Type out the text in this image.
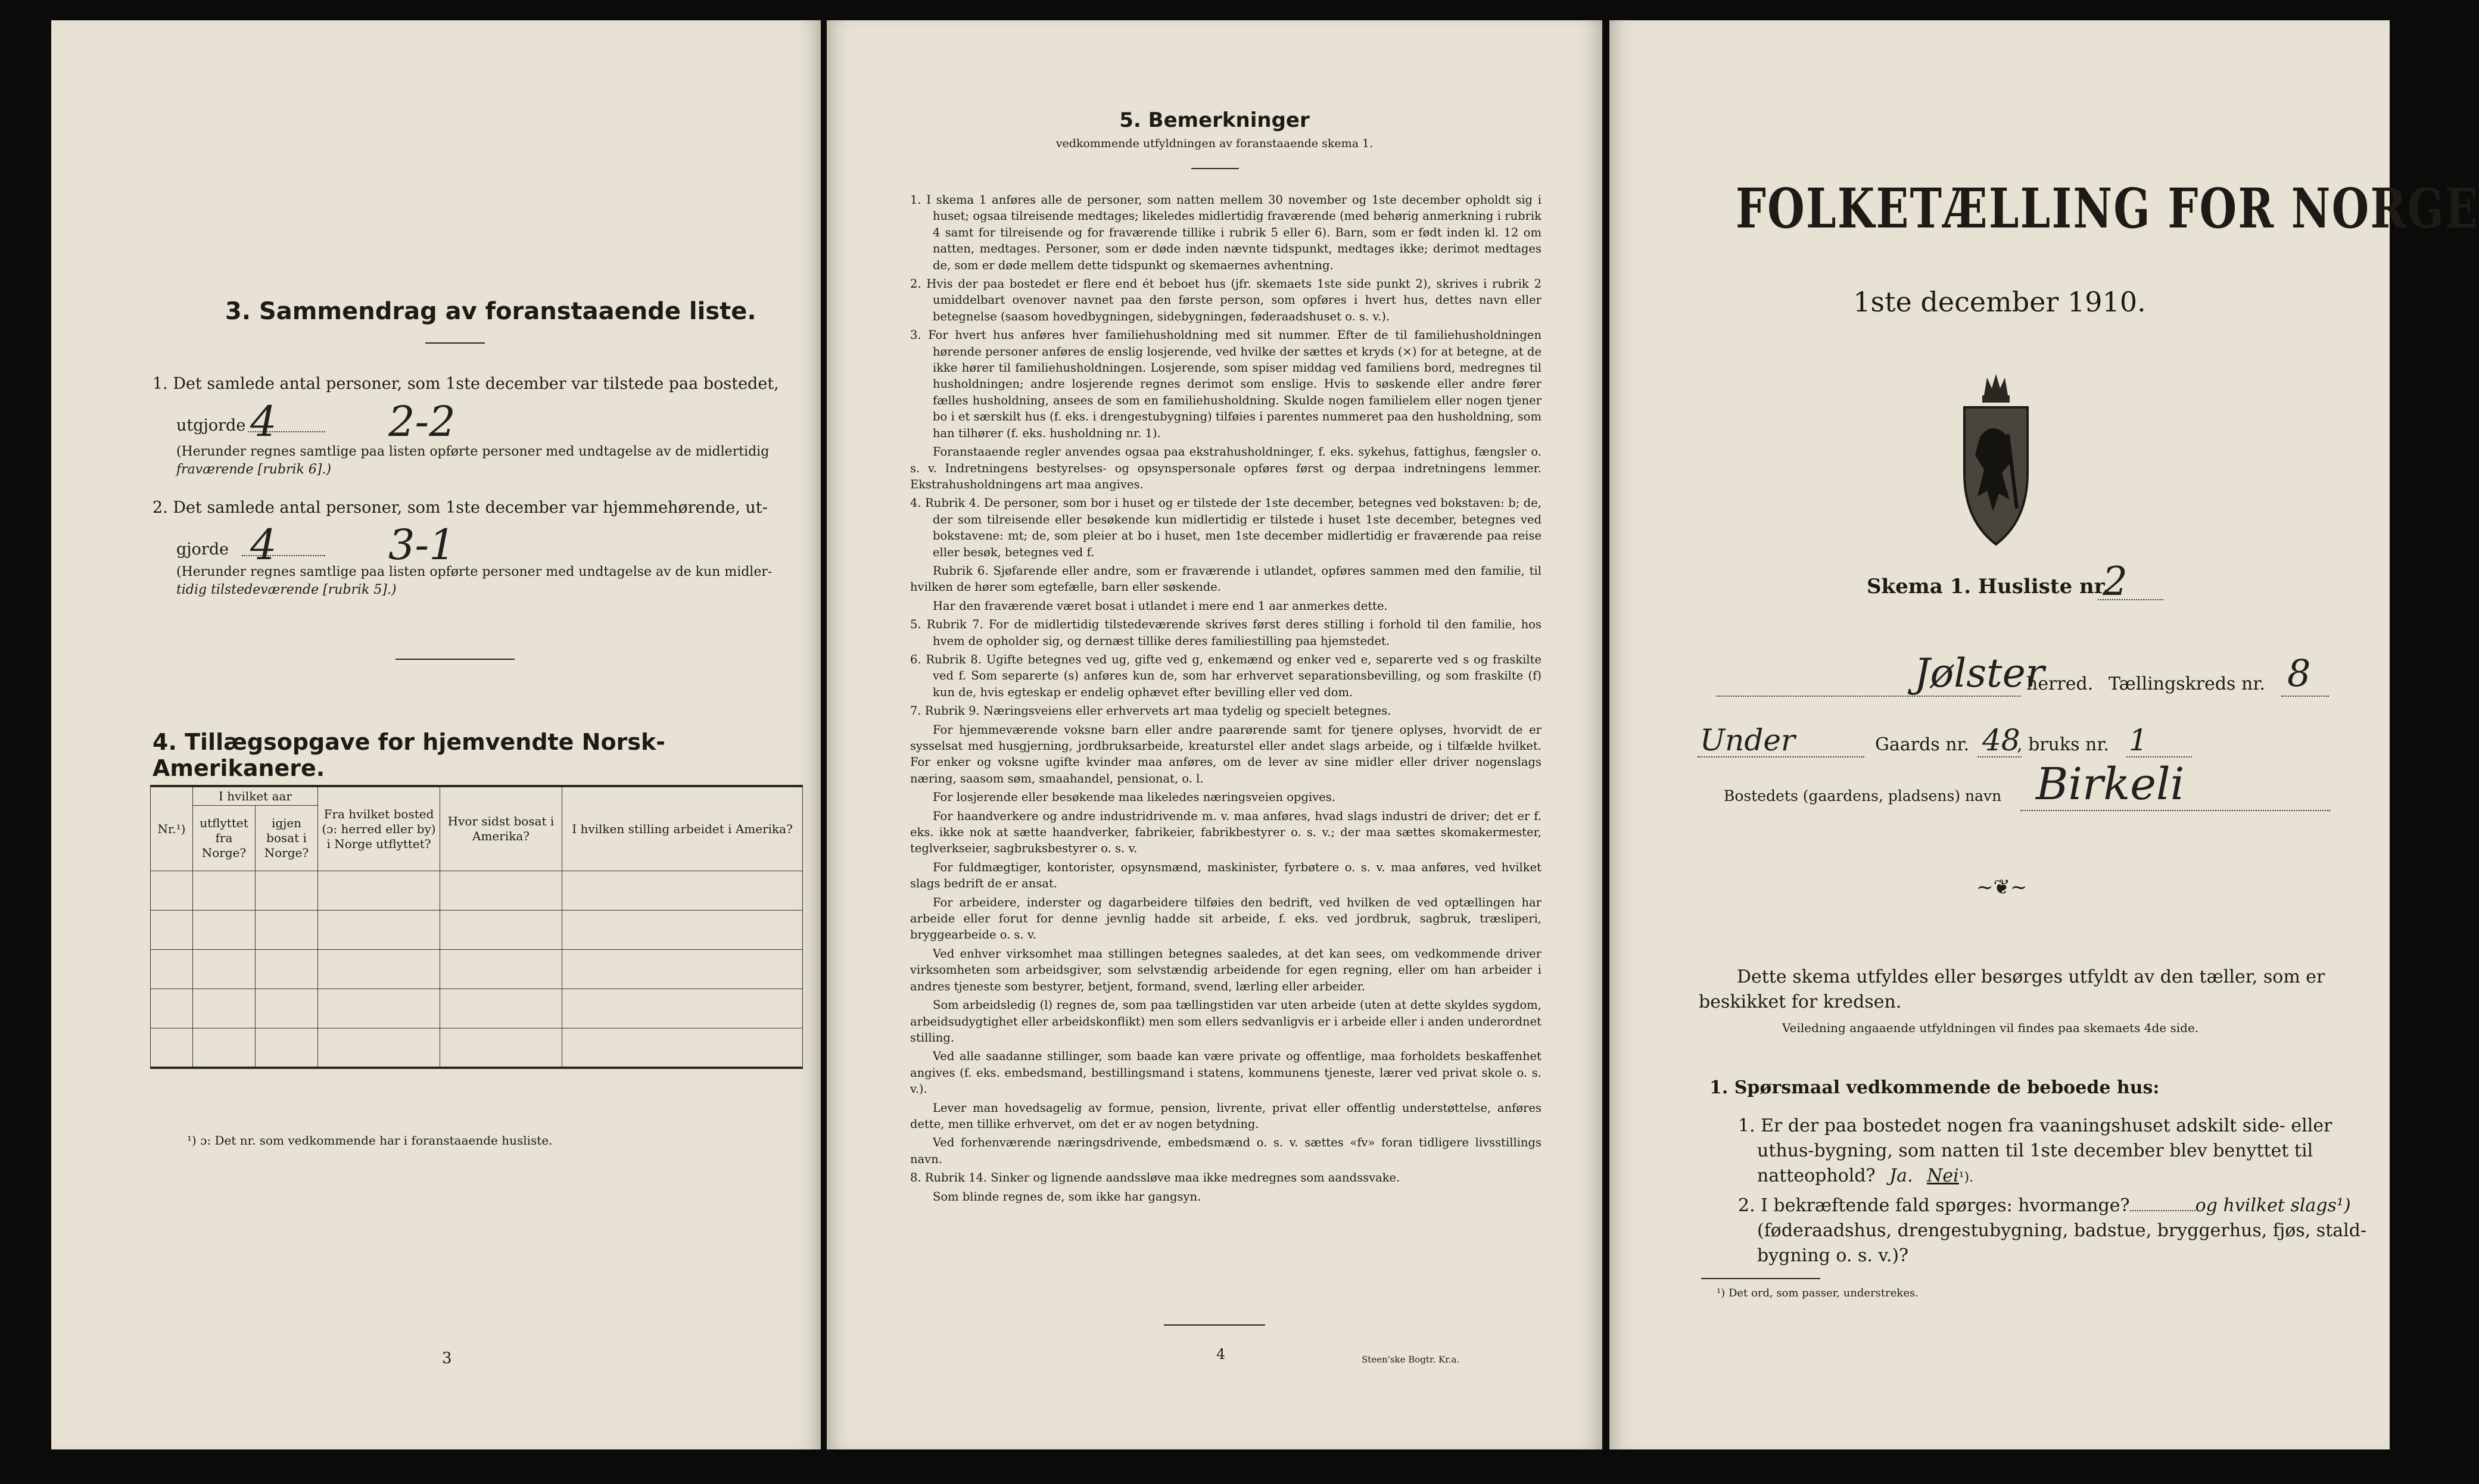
3. Sammendrag av foranstaaende liste.
1. Det samlede antal personer, som 1ste december var tilstede paa bostedet,
utgjorde 4	2-2
(Herunder regnes samtlige paa listen opførte personer med undtagelse av de midlertidig
fraværende [rubrik 6].)
2. Det samlede antal personer, som 1ste december var hjemmehørende, ut-
gjorde 4	3-1
(Herunder regnes samtlige paa listen opførte personer med undtagelse av de kun midler-
tidig tilstedeværende [rubrik 5].)
4. Tillægsopgave for hjemvendte Norsk-Amerikanere.
Nr.¹)	I hvilket aar		Fra hvilket bosted (ɔ: herred eller by) i Norge utflyttet?	Hvor sidst bosat i Amerika?	I hvilken stilling arbeidet i Amerika?
	utflyttet fra Norge?	igjen bosat i Norge?			

¹) ɔ: Det nr. som vedkommende har i foranstaaende husliste.
3
5. Bemerkninger
vedkommende utfyldningen av foranstaaende skema 1.

1. I skema 1 anføres alle de personer, som natten mellem 30 november og 1ste december opholdt sig i huset; ogsaa tilreisende medtages; likeledes midlertidig fraværende (med behørig anmerkning i rubrik 4 samt for tilreisende og for fraværende tillike i rubrik 5 eller 6). Barn, som er født inden kl. 12 om natten, medtages. Personer, som er døde inden nævnte tidspunkt, medtages ikke; derimot medtages de, som er døde mellem dette tidspunkt og skemaernes avhentning.

2. Hvis der paa bostedet er flere end ét beboet hus (jfr. skemaets 1ste side punkt 2), skrives i rubrik 2 umiddelbart ovenover navnet paa den første person, som opføres i hvert hus, dettes navn eller betegnelse (saasom hovedbygningen, sidebygningen, føderaadshuset o. s. v.).

3. For hvert hus anføres hver familiehusholdning med sit nummer. Efter de til familiehusholdningen hørende personer anføres de enslig losjerende, ved hvilke der sættes et kryds (×) for at betegne, at de ikke hører til familiehusholdningen. Losjerende, som spiser middag ved familiens bord, medregnes til husholdningen; andre losjerende regnes derimot som enslige. Hvis to søskende eller andre fører fælles husholdning, ansees de som en familiehusholdning. Skulde nogen familielem eller nogen tjener bo i et særskilt hus (f. eks. i drengestubygning) tilføies i parentes nummeret paa den husholdning, som han tilhører (f. eks. husholdning nr. 1).

Foranstaaende regler anvendes ogsaa paa ekstrahusholdninger, f. eks. sykehus, fattighus, fængsler o. s. v. Indretningens bestyrelses- og opsynspersonale opføres først og derpaa indretningens lemmer. Ekstrahusholdningens art maa angives.

4. Rubrik 4. De personer, som bor i huset og er tilstede der 1ste december, betegnes ved bokstaven: b; de, der som tilreisende eller besøkende kun midlertidig er tilstede i huset 1ste december, betegnes ved bokstavene: mt; de, som pleier at bo i huset, men 1ste december midlertidig er fraværende paa reise eller besøk, betegnes ved f.

Rubrik 6. Sjøfarende eller andre, som er fraværende i utlandet, opføres sammen med den familie, til hvilken de hører som egtefælle, barn eller søskende.

Har den fraværende været bosat i utlandet i mere end 1 aar anmerkes dette.

5. Rubrik 7. For de midlertidig tilstedeværende skrives først deres stilling i forhold til den familie, hos hvem de opholder sig, og dernæst tillike deres familiestilling paa hjemstedet.

6. Rubrik 8. Ugifte betegnes ved ug, gifte ved g, enkemænd og enker ved e, separerte ved s og fraskilte ved f. Som separerte (s) anføres kun de, som har erhvervet separationsbevilling, og som fraskilte (f) kun de, hvis egteskap er endelig ophævet efter bevilling eller ved dom.

7. Rubrik 9. Næringsveiens eller erhvervets art maa tydelig og specielt betegnes.

For hjemmeværende voksne barn eller andre paarørende samt for tjenere oplyses, hvorvidt de er sysselsat med husgjerning, jordbruksarbeide, kreaturstel eller andet slags arbeide, og i tilfælde hvilket. For enker og voksne ugifte kvinder maa anføres, om de lever av sine midler eller driver nogenslags næring, saasom søm, smaahandel, pensionat, o. l.

For losjerende eller besøkende maa likeledes næringsveien opgives.

For haandverkere og andre industridrivende m. v. maa anføres, hvad slags industri de driver; det er f. eks. ikke nok at sætte haandverker, fabrikeier, fabrikbestyrer o. s. v.; der maa sættes skomakermester, teglverkseier, sagbruksbestyrer o. s. v.

For fuldmægtiger, kontorister, opsynsmænd, maskinister, fyrbøtere o. s. v. maa anføres, ved hvilket slags bedrift de er ansat.

For arbeidere, inderster og dagarbeidere tilføies den bedrift, ved hvilken de ved optællingen har arbeide eller forut for denne jevnlig hadde sit arbeide, f. eks. ved jordbruk, sagbruk, træsliperi, bryggearbeide o. s. v.

Ved enhver virksomhet maa stillingen betegnes saaledes, at det kan sees, om vedkommende driver virksomheten som arbeidsgiver, som selvstændig arbeidende for egen regning, eller om han arbeider i andres tjeneste som bestyrer, betjent, formand, svend, lærling eller arbeider.

Som arbeidsledig (l) regnes de, som paa tællingstiden var uten arbeide (uten at dette skyldes sygdom, arbeidsudygtighet eller arbeidskonflikt) men som ellers sedvanligvis er i arbeide eller i anden underordnet stilling.

Ved alle saadanne stillinger, som baade kan være private og offentlige, maa forholdets beskaffenhet angives (f. eks. embedsmand, bestillingsmand i statens, kommunens tjeneste, lærer ved privat skole o. s. v.).

Lever man hovedsagelig av formue, pension, livrente, privat eller offentlig understøttelse, anføres dette, men tillike erhvervet, om det er av nogen betydning.

Ved forhenværende næringsdrivende, embedsmænd o. s. v. sættes «fv» foran tidligere livsstillings navn.

8. Rubrik 14. Sinker og lignende aandssløve maa ikke medregnes som aandssvake.

Som blinde regnes de, som ikke har gangsyn.

4	Steen'ske Bogtr. Kr.a.
FOLKETÆLLING FOR NORGE
1ste december 1910.
Skema 1. Husliste nr.
2
Jølster
herred. Tællingskreds nr. 8
Under	Gaards nr. 48
, bruks nr. 1
Bostedets (gaardens, pladsens) navn Birkeli
~❦~
Dette skema utfyldes eller besørges utfyldt av den tæller, som er
beskikket for kredsen.
Veiledning angaaende utfyldningen vil findes paa skemaets 4de side.
1. Spørsmaal vedkommende de beboede hus:
1. Er der paa bostedet nogen fra vaaningshuset adskilt side- eller
uthus-bygning, som natten til 1ste december blev benyttet til
natteophold? Ja. Nei¹).
2. I bekræftende fald spørges: hvormange?	og hvilket slags¹)
(føderaadshus, drengestubygning, badstue, bryggerhus, fjøs, stald-
bygning o. s. v.)?
¹) Det ord, som passer, understrekes.
